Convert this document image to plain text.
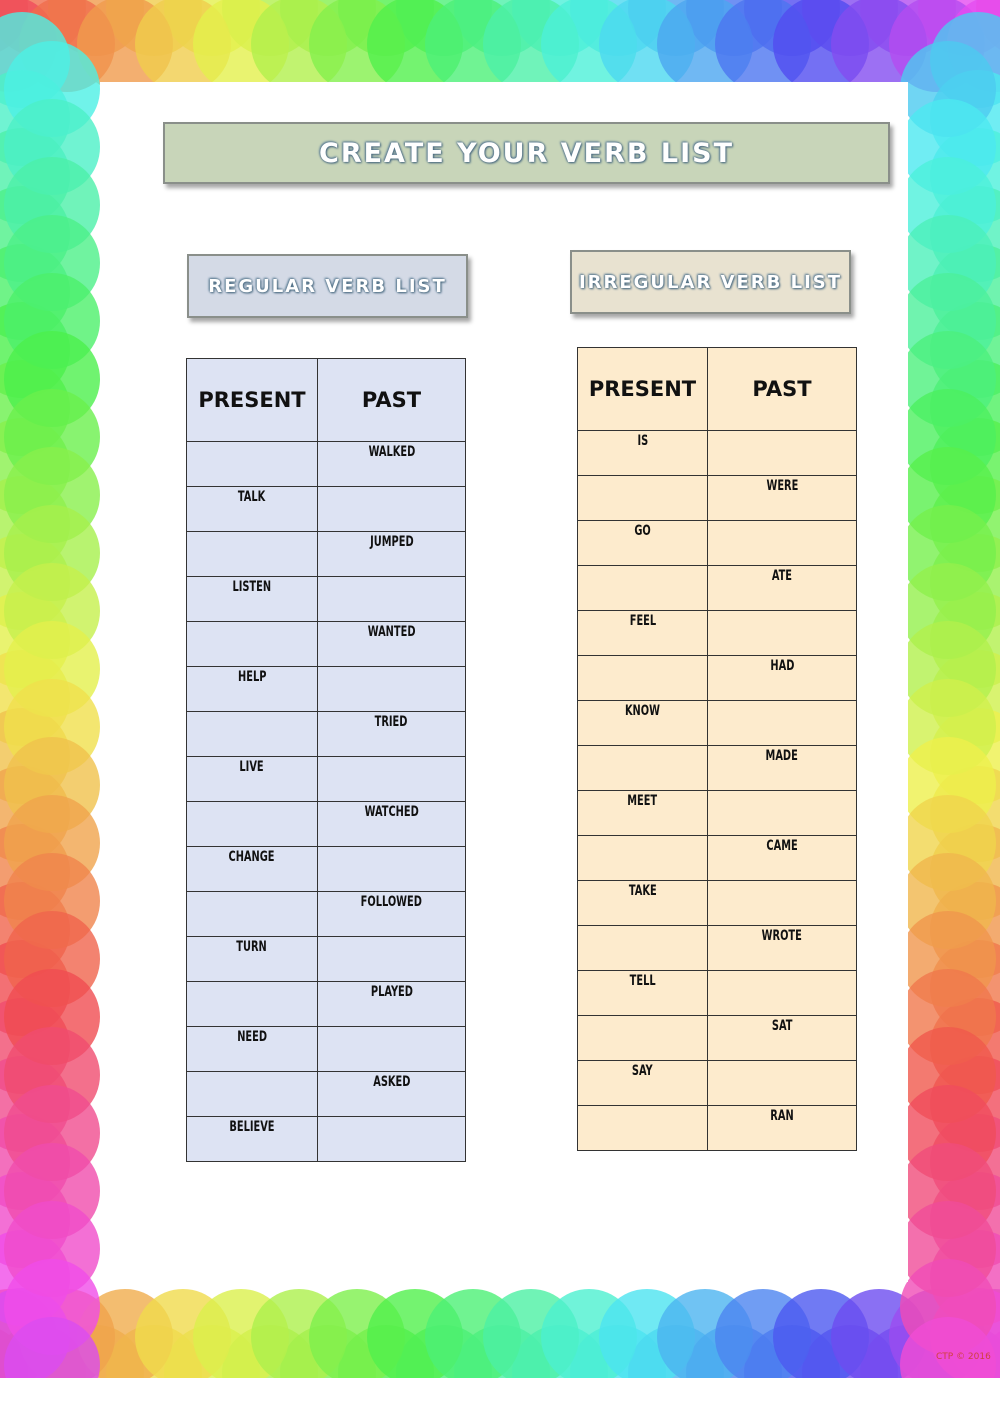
CREATE YOUR VERB LIST
REGULAR VERB LIST	IRREGULAR VERB LIST
PRESENT	PAST
	WALKED
TALK	
	JUMPED
LISTEN	
	WANTED
HELP	
	TRIED
LIVE	
	WATCHED
CHANGE	
	FOLLOWED
TURN	
	PLAYED
NEED	
	ASKED
BELIEVE	
PRESENT	PAST
IS	
	WERE
GO	
	ATE
FEEL	
	HAD
KNOW	
	MADE
MEET	
	CAME
TAKE	
	WROTE
TELL	
	SAT
SAY	
	RAN
CTP © 2016
